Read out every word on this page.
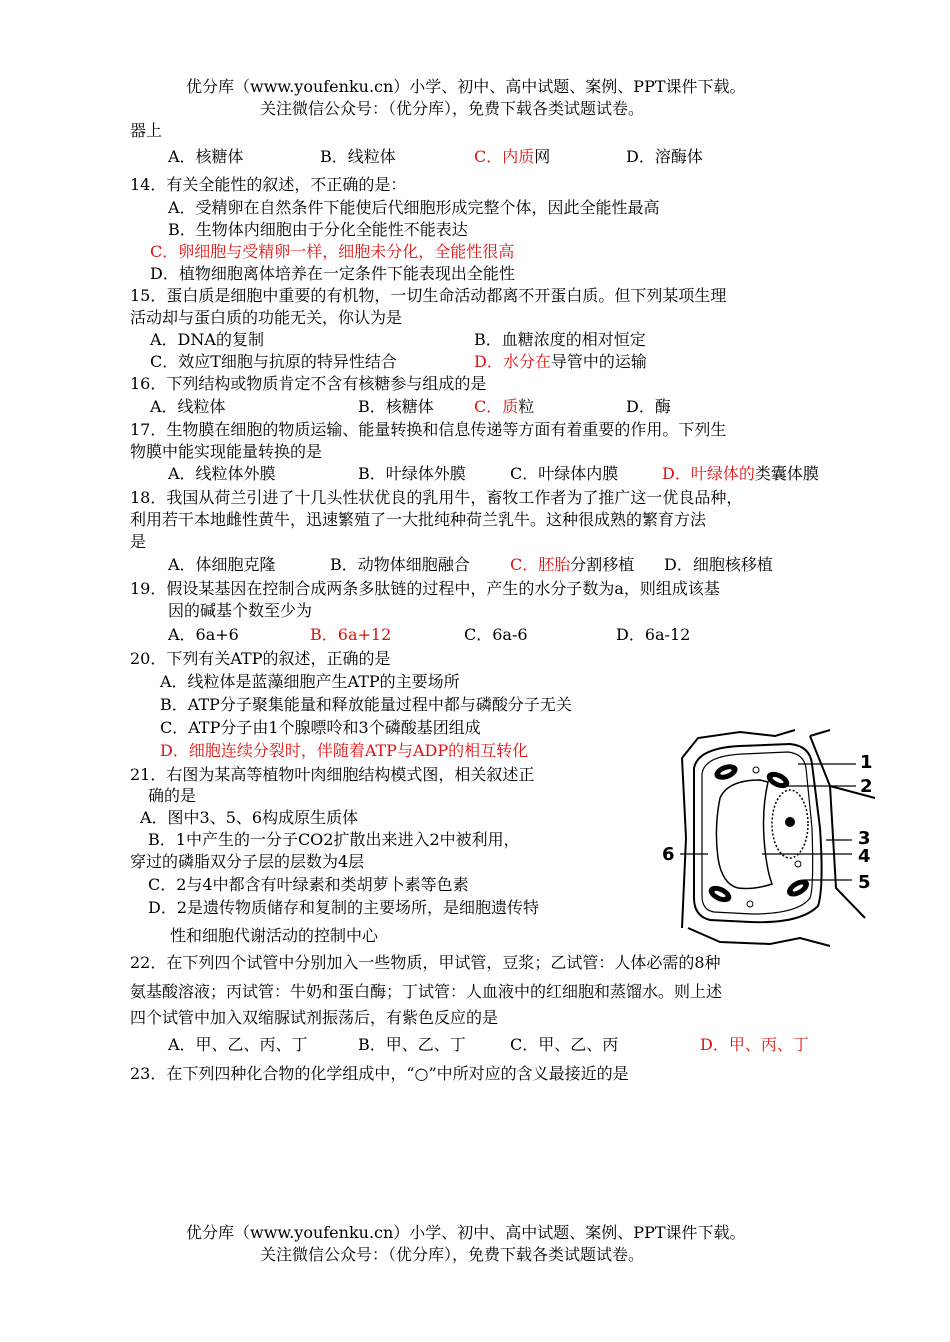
优分库（www.youfenku.cn）小学、初中、高中试题、案例、PPT课件下载。
关注微信公众号：（优分库），免费下载各类试题试卷。
器上
A．核糖体	B．线粒体	C．内质网	D．溶酶体
14．有关全能性的叙述，不正确的是：
A．受精卵在自然条件下能使后代细胞形成完整个体，因此全能性最高
B．生物体内细胞由于分化全能性不能表达
C．卵细胞与受精卵一样，细胞未分化，全能性很高
D．植物细胞离体培养在一定条件下能表现出全能性
15．蛋白质是细胞中重要的有机物，一切生命活动都离不开蛋白质。但下列某项生理
活动却与蛋白质的功能无关，你认为是
A．DNA的复制	B．血糖浓度的相对恒定
C．效应T细胞与抗原的特异性结合	D．水分在导管中的运输
16．下列结构或物质肯定不含有核糖参与组成的是
A．线粒体	B．核糖体	C．质粒	D．酶
17．生物膜在细胞的物质运输、能量转换和信息传递等方面有着重要的作用。下列生
物膜中能实现能量转换的是
A．线粒体外膜	B．叶绿体外膜	C．叶绿体内膜	D．叶绿体的类囊体膜
18．我国从荷兰引进了十几头性状优良的乳用牛，畜牧工作者为了推广这一优良品种，
利用若干本地雌性黄牛，迅速繁殖了一大批纯种荷兰乳牛。这种很成熟的繁育方法
是
A．体细胞克隆	B．动物体细胞融合	C．胚胎分割移植 D．细胞核移植
19．假设某基因在控制合成两条多肽链的过程中，产生的水分子数为a，则组成该基
因的碱基个数至少为
A．6a+6	B．6a+12	C．6a-6	D．6a-12
20．下列有关ATP的叙述，正确的是
A．线粒体是蓝藻细胞产生ATP的主要场所
B．ATP分子聚集能量和释放能量过程中都与磷酸分子无关
C．ATP分子由1个腺嘌呤和3个磷酸基团组成
D．细胞连续分裂时，伴随着ATP与ADP的相互转化
21．右图为某高等植物叶肉细胞结构模式图，相关叙述正
确的是
A．图中3、5、6构成原生质体
B．1中产生的一分子CO2扩散出来进入2中被利用，
穿过的磷脂双分子层的层数为4层
C．2与4中都含有叶绿素和类胡萝卜素等色素
D．2是遗传物质储存和复制的主要场所，是细胞遗传特
性和细胞代谢活动的控制中心
1
2
3
4
5
6
22．在下列四个试管中分别加入一些物质，甲试管，豆浆；乙试管：人体必需的8种
氨基酸溶液；丙试管：牛奶和蛋白酶；丁试管：人血液中的红细胞和蒸馏水。则上述
四个试管中加入双缩脲试剂振荡后，有紫色反应的是
A．甲、乙、丙、丁	B．甲、乙、丁	C．甲、乙、丙	D．甲、丙、丁
23．在下列四种化合物的化学组成中，“○”中所对应的含义最接近的是
优分库（www.youfenku.cn）小学、初中、高中试题、案例、PPT课件下载。
关注微信公众号：（优分库），免费下载各类试题试卷。
